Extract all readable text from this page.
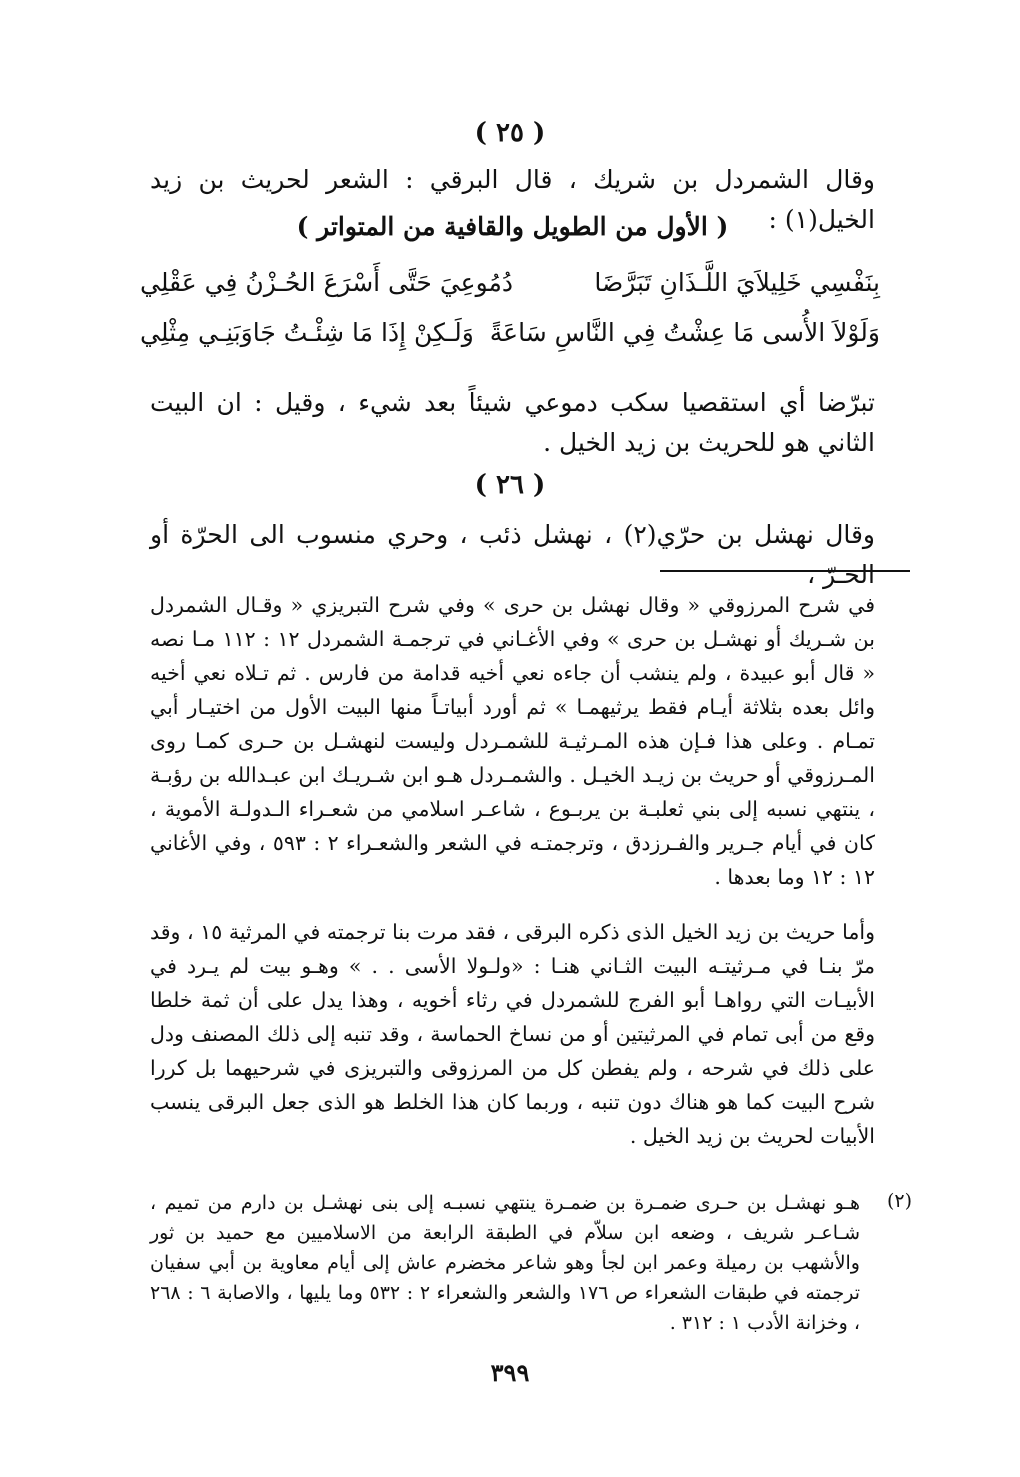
( ٢٥ )
وقال الشمردل بن شريك ، قال البرقي : الشعر لحريث بن زيد الخيل(١) :
( الأول من الطويل والقافية من المتواتر )
بِنَفْسِي خَلِيلاَيَ اللَّـذَانِ تَبَرَّضَا
دُمُوعِيَ حَتَّى أَسْرَعَ الحُـزْنُ فِي عَقْلِي
وَلَوْلاَ الأُسى مَا عِشْتُ فِي النَّاسِ سَاعَةً
وَلَـكِنْ إِذَا مَا شِئْـتُ جَاوَبَنِـي مِثْلِي
تبرّضا أي استقصيا سكب دموعي شيئاً بعد شيء ، وقيل : ان البيت الثاني هو للحريث بن زيد الخيل .
( ٢٦ )
وقال نهشل بن حرّي(٢) ، نهشل ذئب ، وحري منسوب الى الحرّة أو الحـرّ ،
في شرح المرزوقي « وقال نهشل بن حرى » وفي شرح التبريزي « وقـال الشمردل بن شـريك أو نهشـل بن حرى » وفي الأغـاني في ترجمـة الشمردل ١٢ : ١١٢ مـا نصه « قال أبو عبيدة ، ولم ينشب أن جاءه نعي أخيه قدامة من فارس . ثم تـلاه نعي أخيه وائل بعده بثلاثة أيـام فقط يرثيهمـا » ثم أورد أبياتـاً منها البيت الأول من اختيـار أبي تمـام . وعلى هذا فـإن هذه المـرثيـة للشمـردل وليست لنهشـل بن حـرى كمـا روى المـرزوقي أو حريث بن زيـد الخيـل . والشمـردل هـو ابن شـريـك ابن عبـدالله بن رؤبـة ، ينتهي نسبه إلى بني ثعلبـة بن يربـوع ، شاعـر اسلامي من شعـراء الـدولـة الأموية ، كان في أيام جـرير والفـرزدق ، وترجمتـه في الشعر والشعـراء ٢ : ٥٩٣ ، وفي الأغاني ١٢ : ١٢ وما بعدها .
وأما حريث بن زيد الخيل الذى ذكره البرقى ، فقد مرت بنا ترجمته في المرثية ١٥ ، وقد مرّ بنـا في مـرثيتـه البيت الثـاني هنـا : «ولـولا الأسى . . » وهـو بيت لم يـرد في الأبيـات التي رواهـا أبو الفرج للشمردل في رثاء أخويه ، وهذا يدل على أن ثمة خلطا وقع من أبى تمام في المرثيتين أو من نساخ الحماسة ، وقد تنبه إلى ذلك المصنف ودل على ذلك في شرحه ، ولم يفطن كل من المرزوقى والتبريزى في شرحيهما بل كررا شرح البيت كما هو هناك دون تنبه ، وربما كان هذا الخلط هو الذى جعل البرقى ينسب الأبيات لحريث بن زيد الخيل .
(٢)
هـو نهشـل بن حـرى ضمـرة بن ضمـرة ينتهي نسبـه إلى بنى نهشـل بن دارم من تميم ، شـاعـر شريف ، وضعه ابن سلاّم في الطبقة الرابعة من الاسلاميين مع حميد بن ثور والأشهب بن رميلة وعمر ابن لجأ وهو شاعر مخضرم عاش إلى أيام معاوية بن أبي سفيان ترجمته في طبقات الشعراء ص ١٧٦ والشعر والشعراء ٢ : ٥٣٢ وما يليها ، والاصابة ٦ : ٢٦٨ ، وخزانة الأدب ١ : ٣١٢ .
٣٩٩
